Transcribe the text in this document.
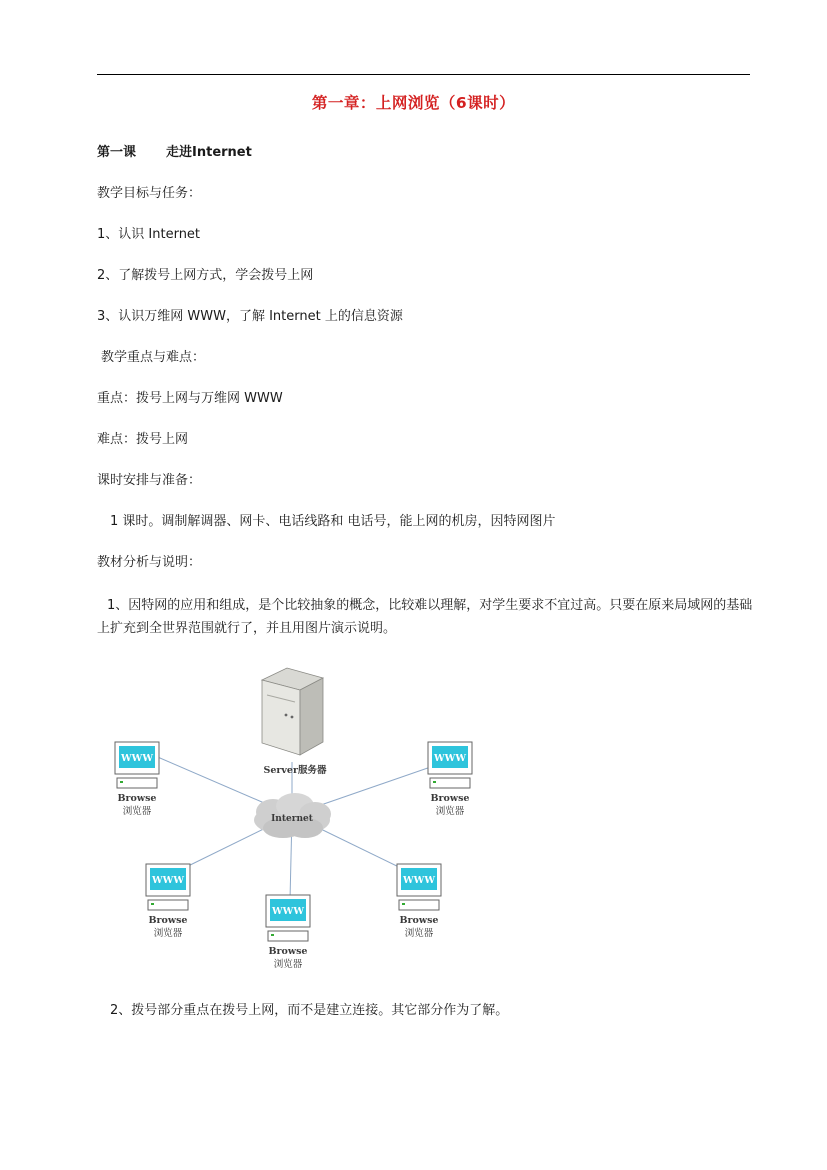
第一章：上网浏览（6课时）
第一课 走进Internet
教学目标与任务：
1、认识 Internet
2、了解拨号上网方式，学会拨号上网
3、认识万维网 WWW，了解 Internet 上的信息资源
教学重点与难点：
重点：拨号上网与万维网 WWW
难点：拨号上网
课时安排与准备：
1 课时。调制解调器、网卡、电话线路和 电话号，能上网的机房，因特网图片
教材分析与说明：
1、因特网的应用和组成，是个比较抽象的概念，比较难以理解，对学生要求不宜过高。只要在原来局域网的基础上扩充到全世界范围就行了，并且用图片演示说明。
Server服务器
Internet
WWW
Browse
浏览器
WWW
Browse
浏览器
WWW
Browse
浏览器
WWW
Browse
浏览器
WWW
Browse
浏览器
2、拨号部分重点在拨号上网，而不是建立连接。其它部分作为了解。
